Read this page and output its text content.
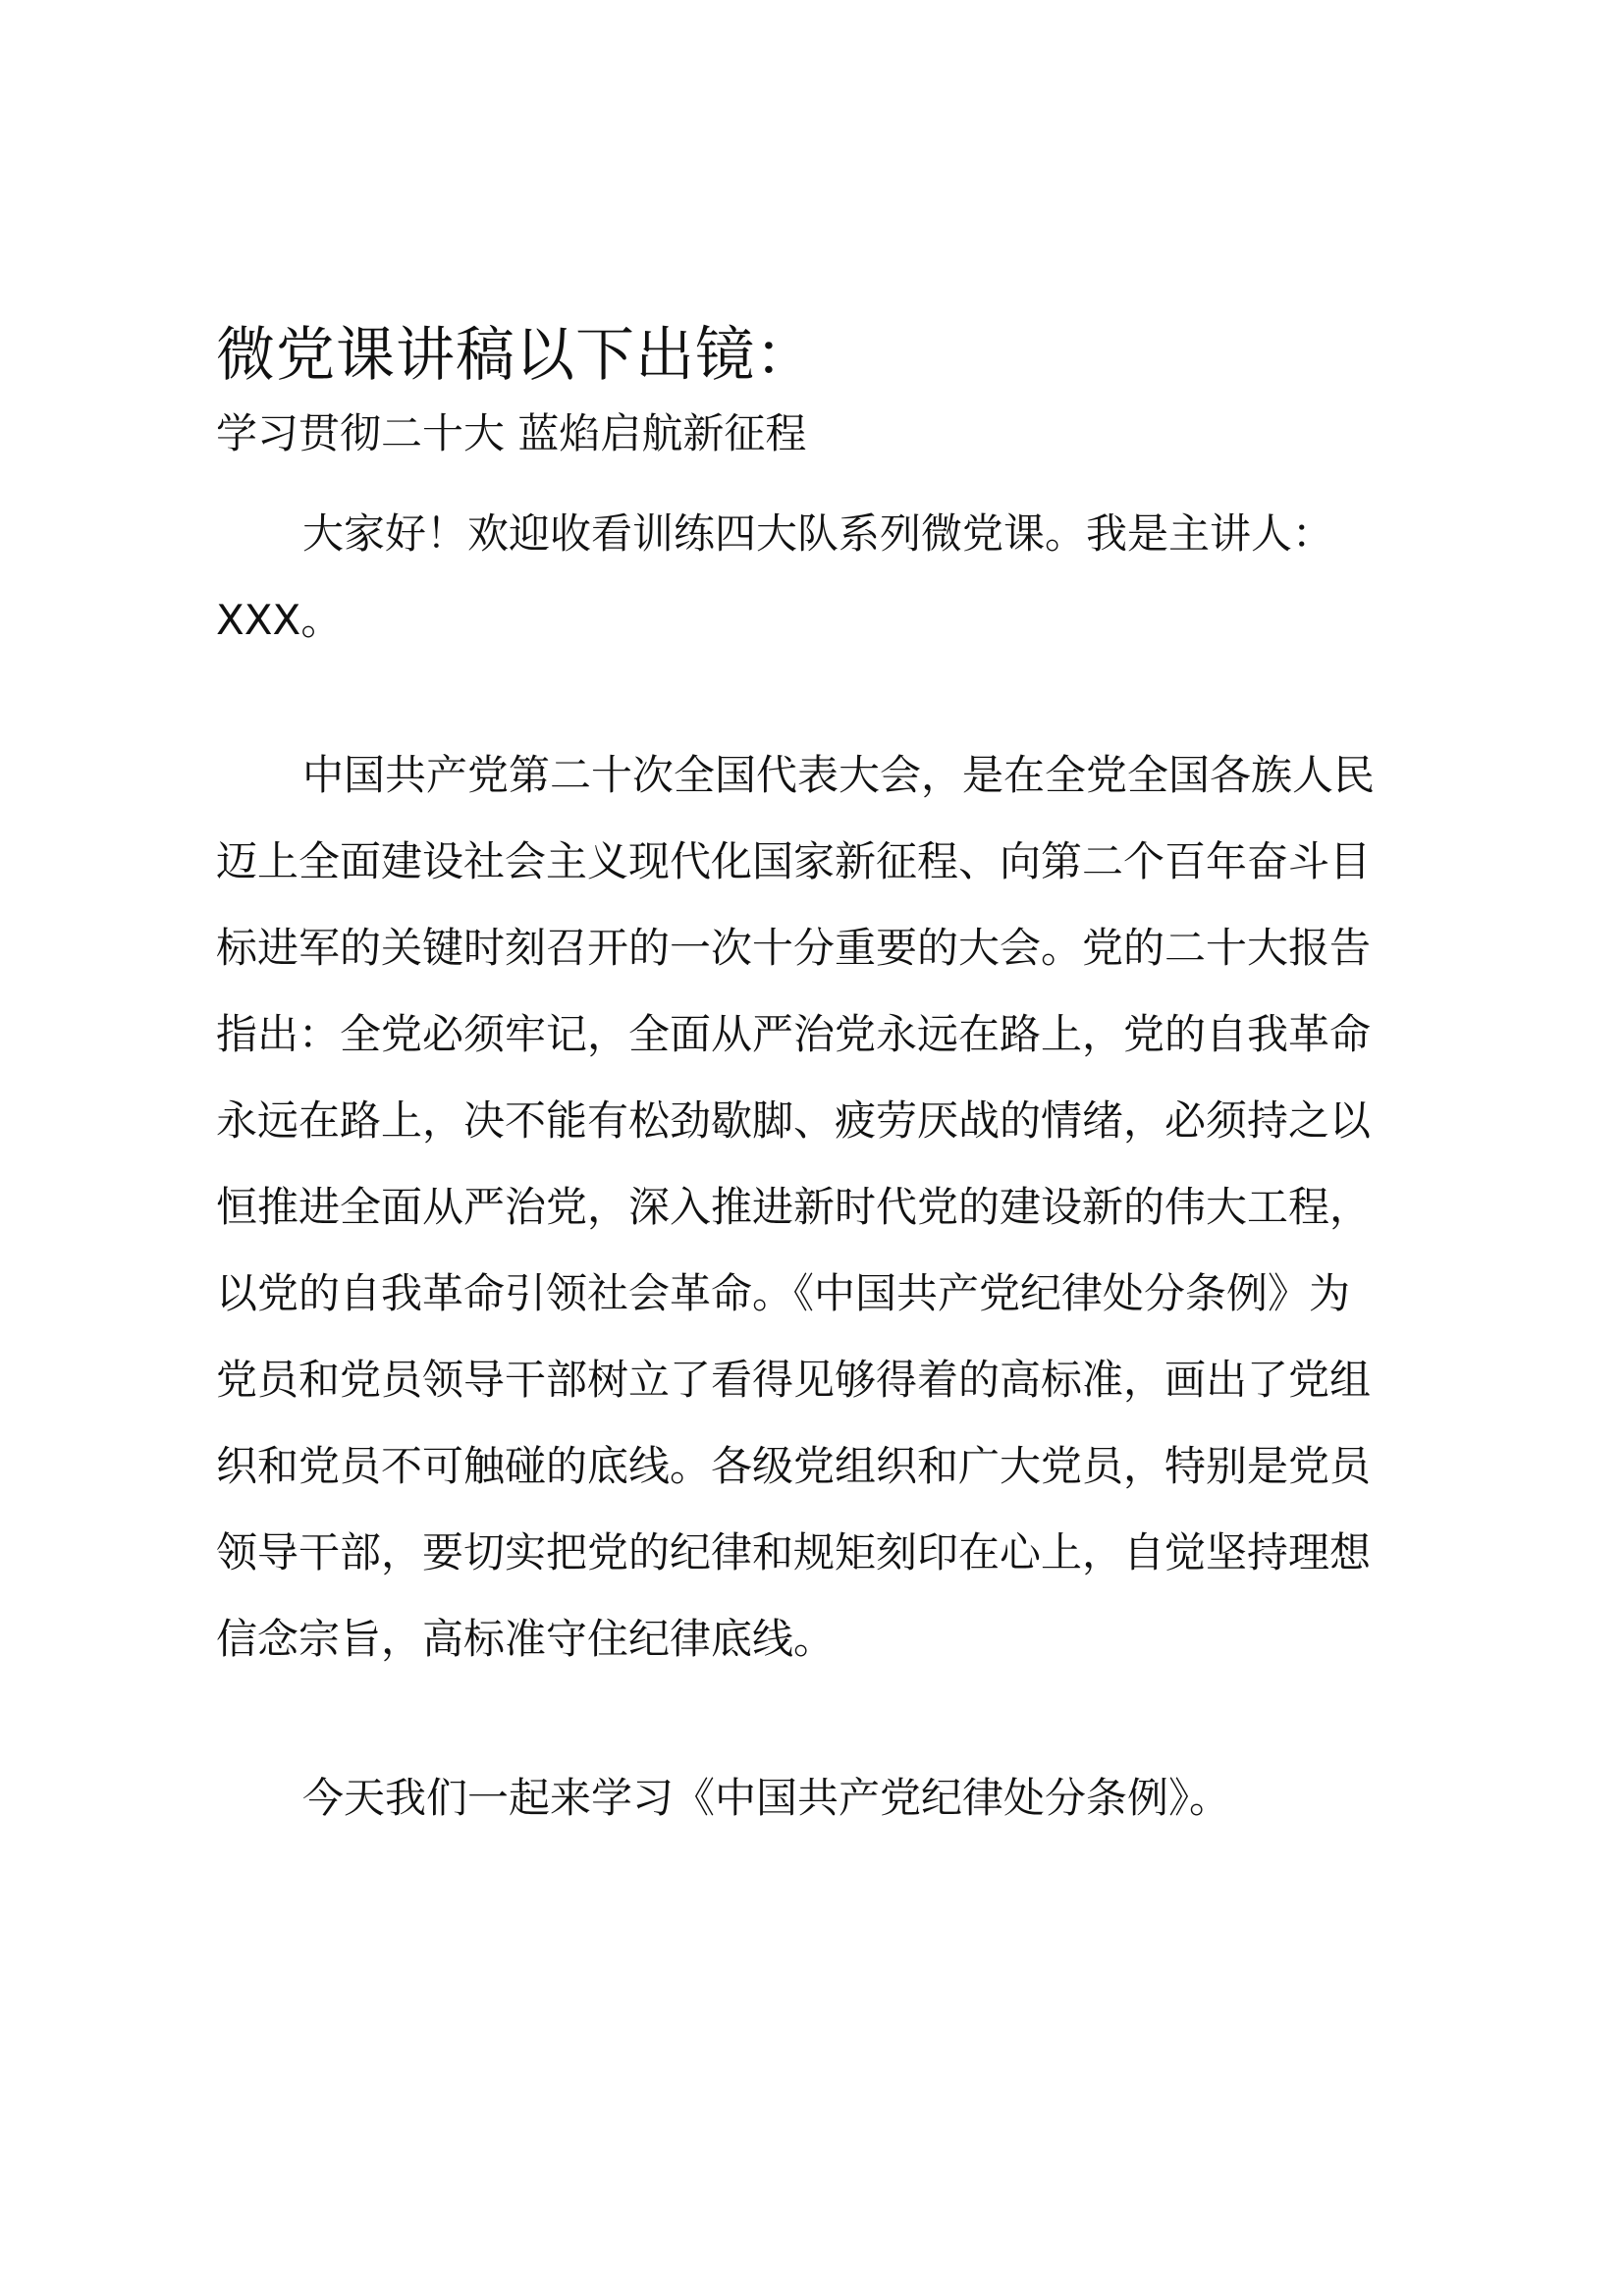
微党课讲稿以下出镜：
学习贯彻二十大 蓝焰启航新征程
大家好！欢迎收看训练四大队系列微党课。我是主讲人：
XXX。
中国共产党第二十次全国代表大会，是在全党全国各族人民
迈上全面建设社会主义现代化国家新征程、向第二个百年奋斗目
标进军的关键时刻召开的一次十分重要的大会。党的二十大报告
指出：全党必须牢记，全面从严治党永远在路上，党的自我革命
永远在路上，决不能有松劲歇脚、疲劳厌战的情绪，必须持之以
恒推进全面从严治党，深入推进新时代党的建设新的伟大工程，
以党的自我革命引领社会革命。《中国共产党纪律处分条例》为
党员和党员领导干部树立了看得见够得着的高标准，画出了党组
织和党员不可触碰的底线。各级党组织和广大党员，特别是党员
领导干部，要切实把党的纪律和规矩刻印在心上，自觉坚持理想
信念宗旨，高标准守住纪律底线。
今天我们一起来学习《中国共产党纪律处分条例》。
